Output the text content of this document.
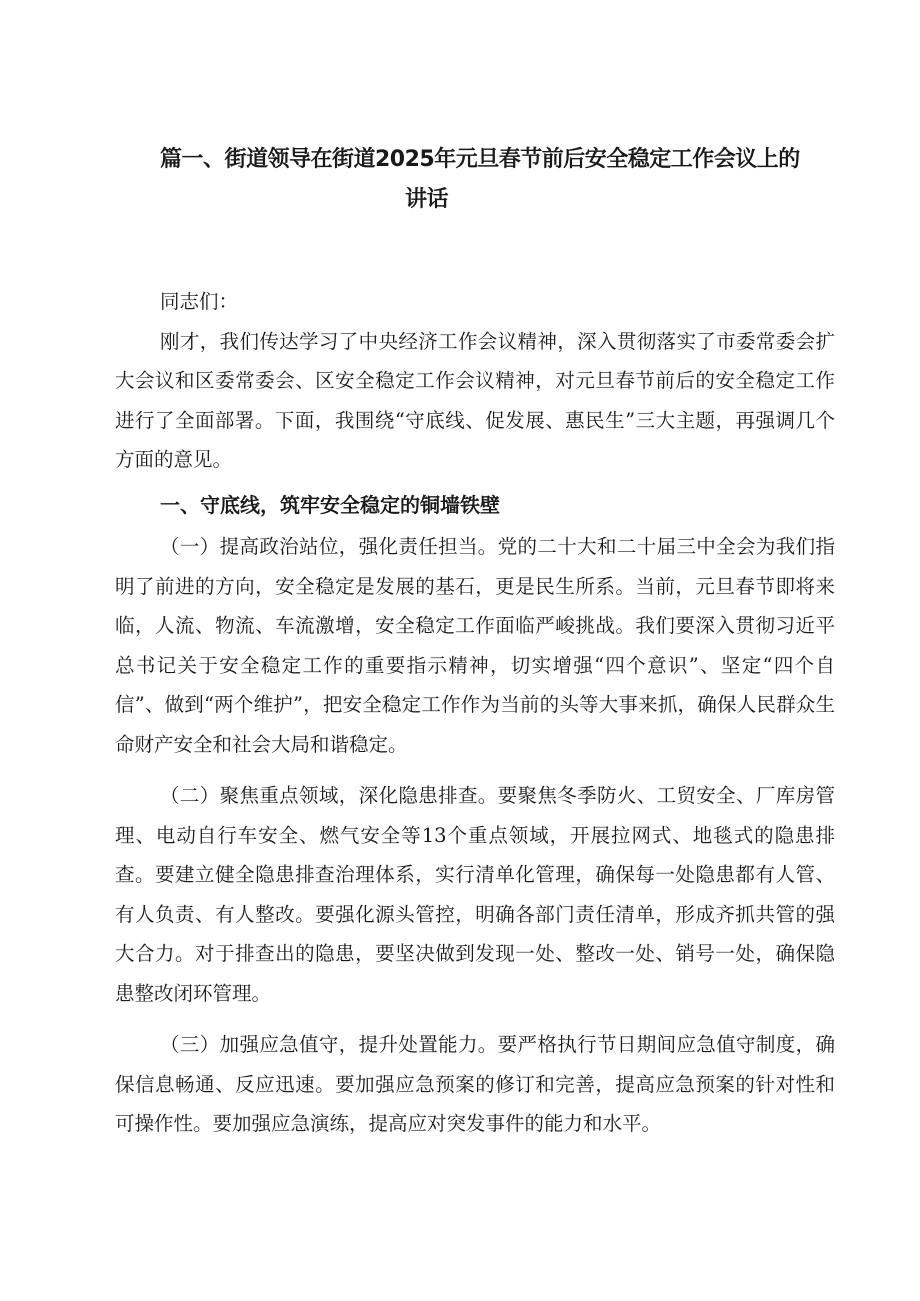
篇一、街道领导在街道2025年元旦春节前后安全稳定工作会议上的
讲话

同志们：

刚才，我们传达学习了中央经济工作会议精神，深入贯彻落实了市委常委会扩大会议和区委常委会、区安全稳定工作会议精神，对元旦春节前后的安全稳定工作进行了全面部署。下面，我围绕“守底线、促发展、惠民生”三大主题，再强调几个方面的意见。

一、守底线，筑牢安全稳定的铜墙铁壁

（一）提高政治站位，强化责任担当。党的二十大和二十届三中全会为我们指明了前进的方向，安全稳定是发展的基石，更是民生所系。当前，元旦春节即将来临，人流、物流、车流激增，安全稳定工作面临严峻挑战。我们要深入贯彻习近平总书记关于安全稳定工作的重要指示精神，切实增强“四个意识”、坚定“四个自信”、做到“两个维护”，把安全稳定工作作为当前的头等大事来抓，确保人民群众生命财产安全和社会大局和谐稳定。

（二）聚焦重点领域，深化隐患排查。要聚焦冬季防火、工贸安全、厂库房管理、电动自行车安全、燃气安全等13个重点领域，开展拉网式、地毯式的隐患排查。要建立健全隐患排查治理体系，实行清单化管理，确保每一处隐患都有人管、有人负责、有人整改。要强化源头管控，明确各部门责任清单，形成齐抓共管的强大合力。对于排查出的隐患，要坚决做到发现一处、整改一处、销号一处，确保隐患整改闭环管理。

（三）加强应急值守，提升处置能力。要严格执行节日期间应急值守制度，确保信息畅通、反应迅速。要加强应急预案的修订和完善，提高应急预案的针对性和可操作性。要加强应急演练，提高应对突发事件的能力和水平。
